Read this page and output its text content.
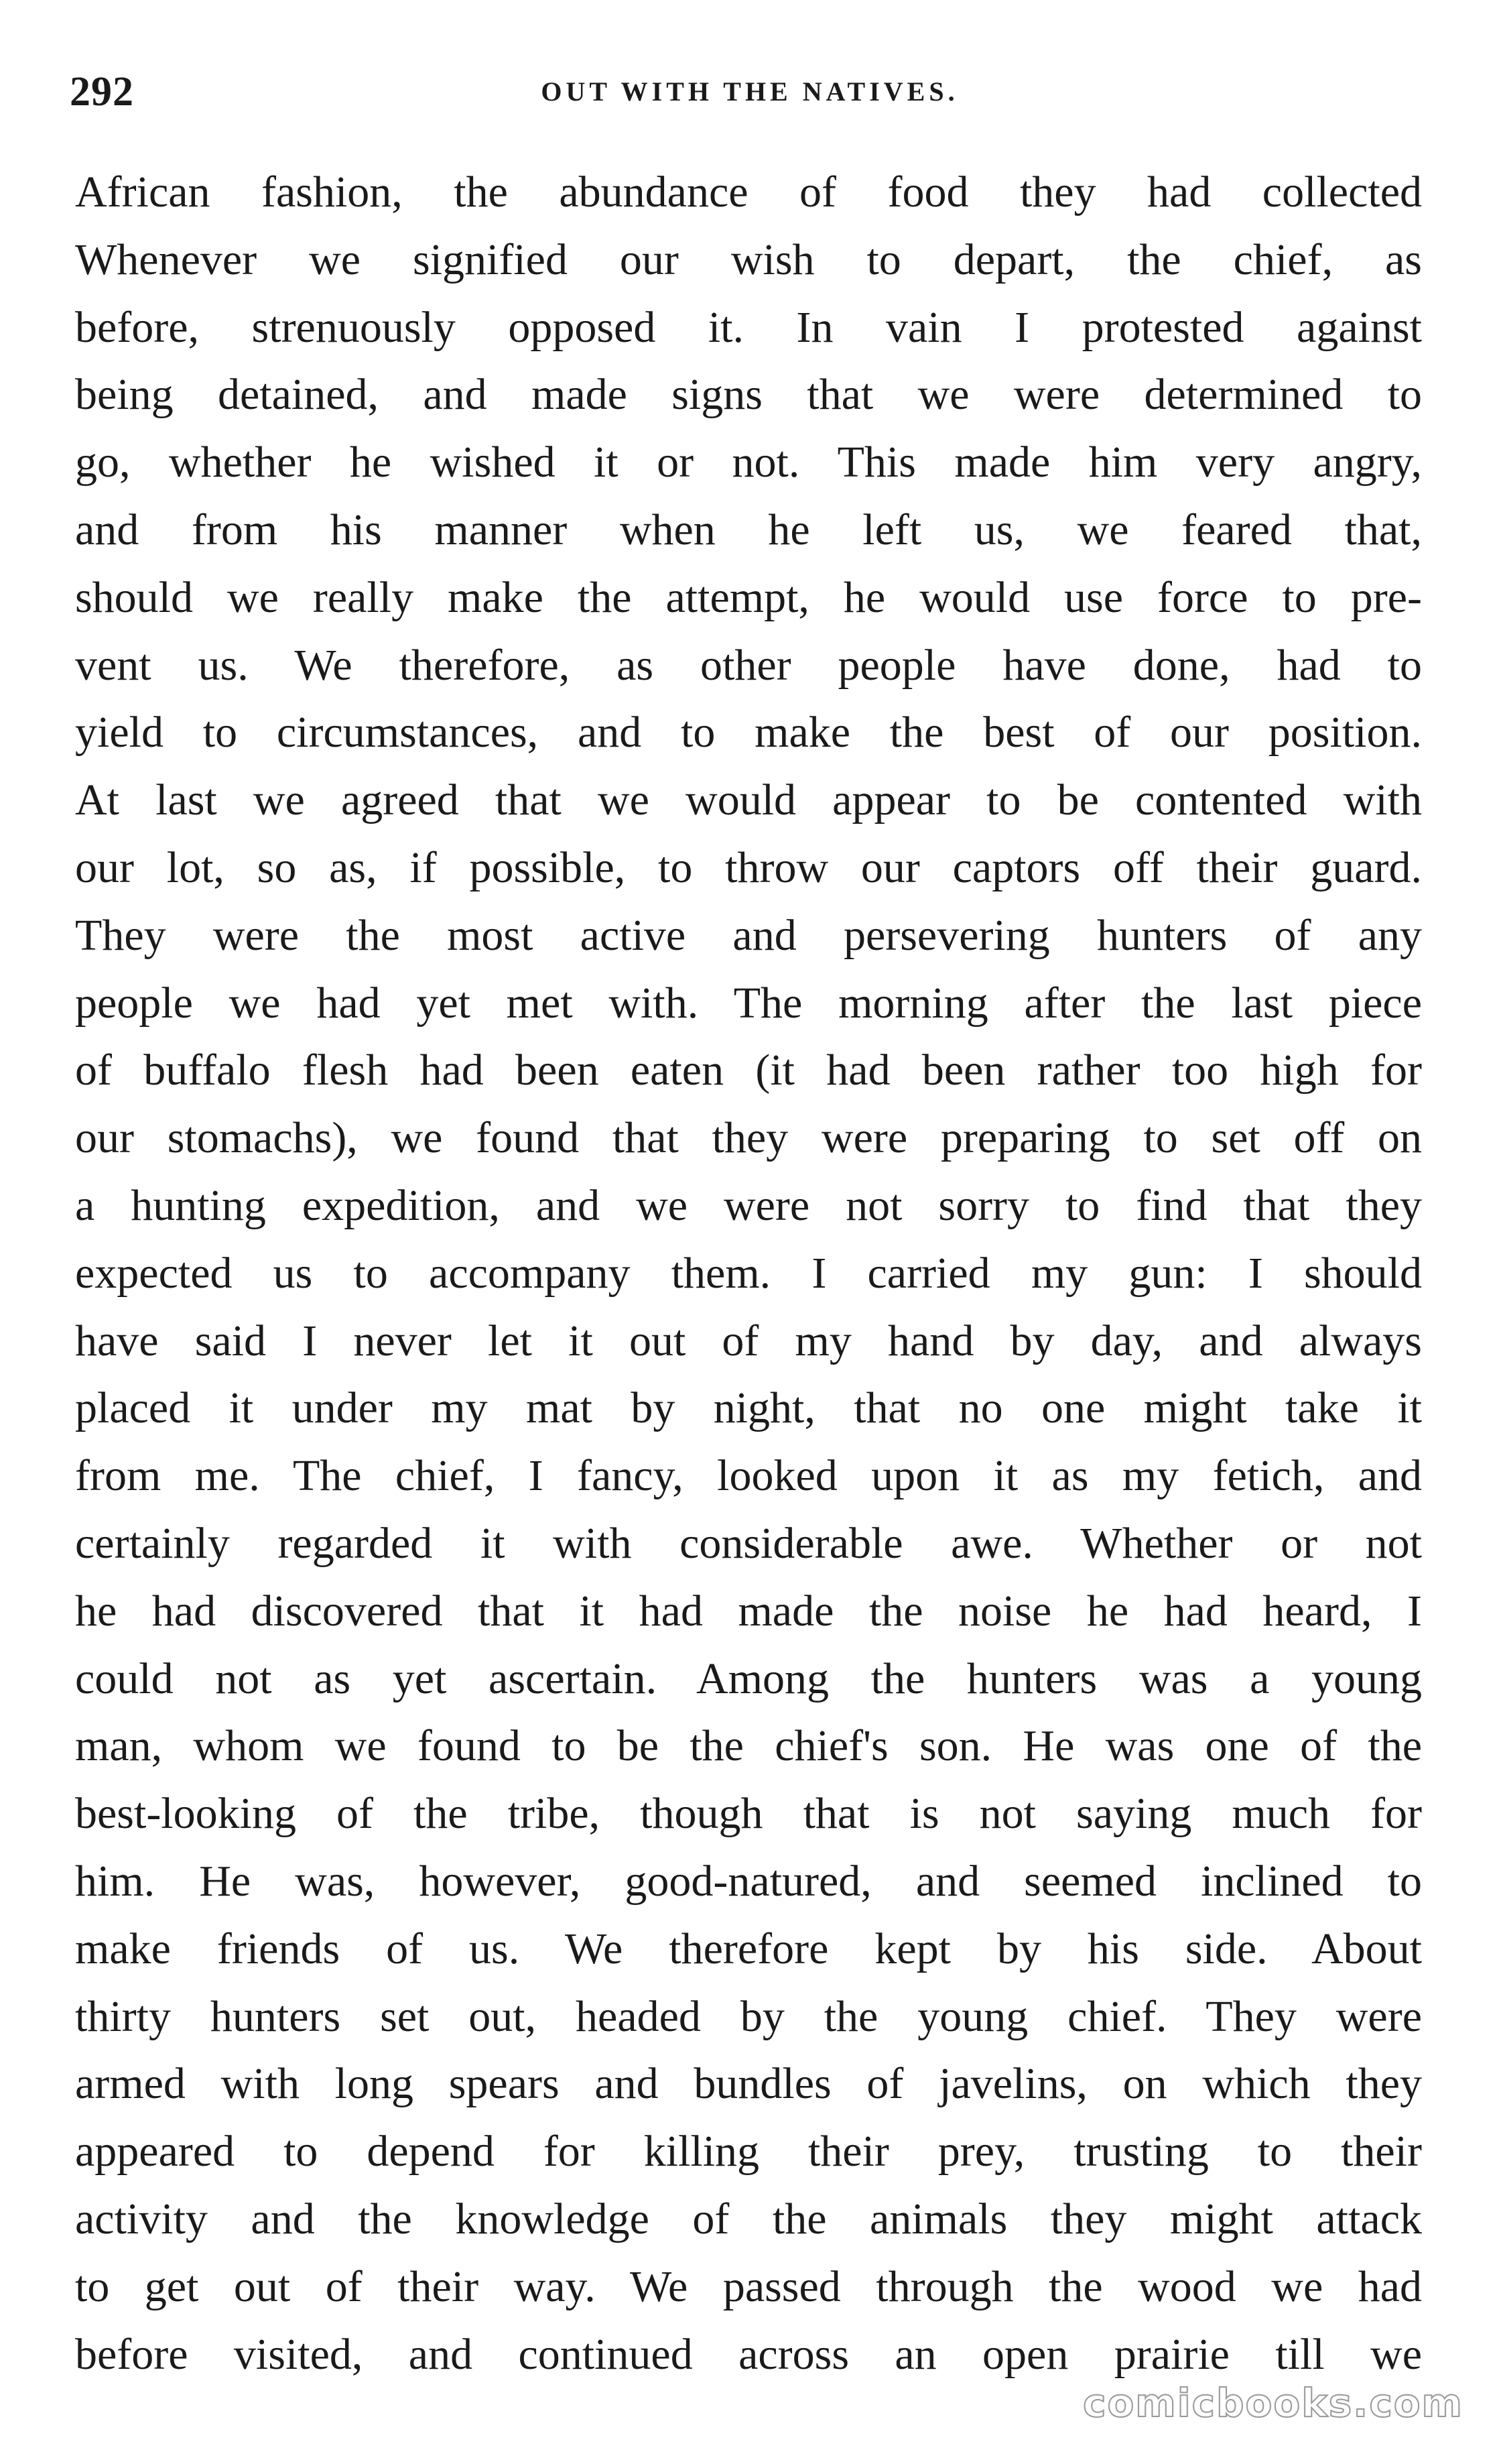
292	OUT WITH THE NATIVES.
African fashion, the abundance of food they had collected
Whenever we signified our wish to depart, the chief, as
before, strenuously opposed it. In vain I protested against
being detained, and made signs that we were determined to
go, whether he wished it or not. This made him very angry,
and from his manner when he left us, we feared that,
should we really make the attempt, he would use force to pre-
vent us. We therefore, as other people have done, had to
yield to circumstances, and to make the best of our position.
At last we agreed that we would appear to be contented with
our lot, so as, if possible, to throw our captors off their guard.
They were the most active and persevering hunters of any
people we had yet met with. The morning after the last piece
of buffalo flesh had been eaten (it had been rather too high for
our stomachs), we found that they were preparing to set off on
a hunting expedition, and we were not sorry to find that they
expected us to accompany them. I carried my gun: I should
have said I never let it out of my hand by day, and always
placed it under my mat by night, that no one might take it
from me. The chief, I fancy, looked upon it as my fetich, and
certainly regarded it with considerable awe. Whether or not
he had discovered that it had made the noise he had heard, I
could not as yet ascertain. Among the hunters was a young
man, whom we found to be the chief's son. He was one of the
best-looking of the tribe, though that is not saying much for
him. He was, however, good-natured, and seemed inclined to
make friends of us. We therefore kept by his side. About
thirty hunters set out, headed by the young chief. They were
armed with long spears and bundles of javelins, on which they
appeared to depend for killing their prey, trusting to their
activity and the knowledge of the animals they might attack
to get out of their way. We passed through the wood we had
before visited, and continued across an open prairie till we
comicbooks.com
